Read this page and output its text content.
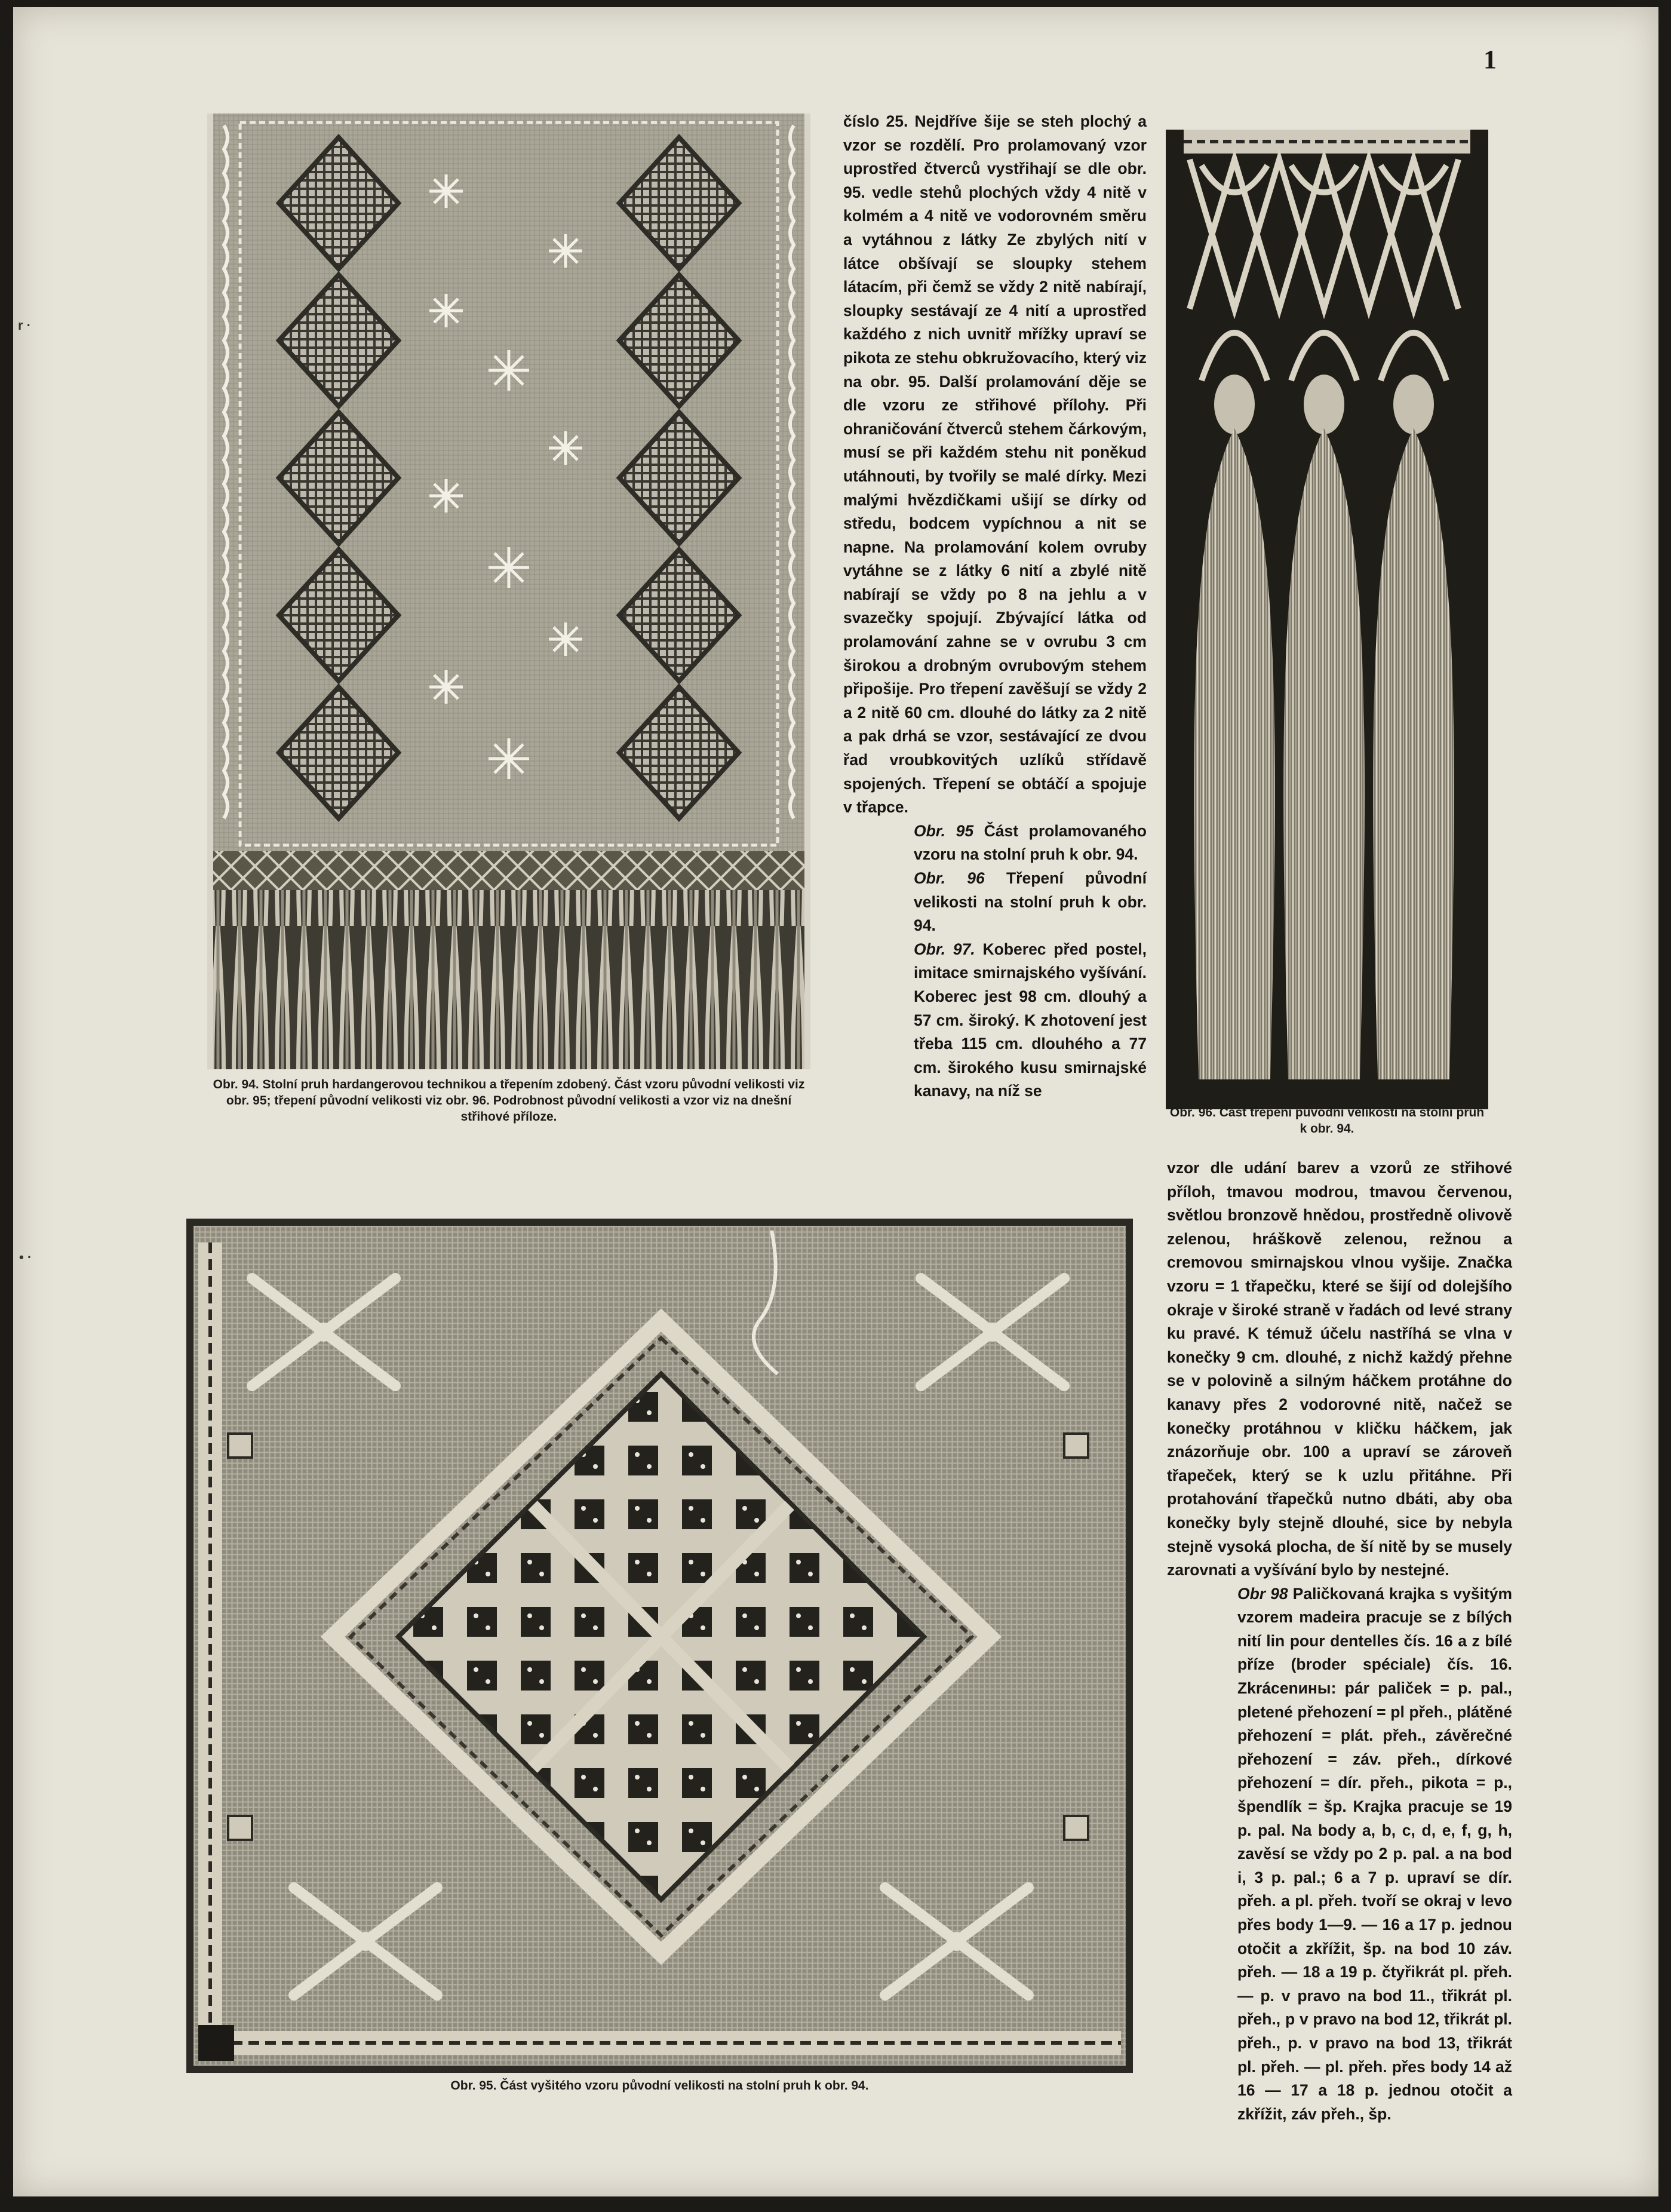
1
r ·
• ·
Obr. 94. Stolní pruh hardangerovou technikou a třepením zdobený. Část vzoru původní velikosti viz obr. 95; třepení původní velikosti viz obr. 96. Podrobnost původní velikosti a vzor viz na dnešní střihové příloze.

číslo 25. Nejdříve šije se steh plochý a vzor se rozdělí. Pro prolamovaný vzor uprostřed čtverců vystřihají se dle obr. 95. vedle stehů plochých vždy 4 nitě v kolmém a 4 nitě ve vodorovném směru a vytáhnou z látky Ze zbylých nití v látce obšívají se sloupky stehem látacím, při čemž se vždy 2 nitě nabírají, sloupky sestávají ze 4 nití a uprostřed každého z nich uvnitř mřížky upraví se pikota ze stehu obkružovacího, který viz na obr. 95. Další prolamování děje se dle vzoru ze střihové přílohy. Při ohraničování čtverců stehem čárkovým, musí se při každém stehu nit poněkud utáhnouti, by tvořily se malé dírky. Mezi malými hvězdičkami ušijí se dírky od středu, bodcem vypíchnou a nit se napne. Na prolamování kolem ovruby vytáhne se z látky 6 nití a zbylé nitě nabírají se vždy po 8 na jehlu a v svazečky spojují. Zbývající látka od prolamování zahne se v ovrubu 3 cm širokou a drobným ovrubovým stehem připošije. Pro třepení zavěšují se vždy 2 a 2 nitě 60 cm. dlouhé do látky za 2 nitě a pak drhá se vzor, sestávající ze dvou řad vroubkovitých uzlíků střídavě spojených. Třepení se obtáčí a spojuje v třapce.

Obr. 95 Část prolamovaného vzoru na stolní pruh k obr. 94.

Obr. 96 Třepení původní velikosti na stolní pruh k obr. 94.

Obr. 97. Koberec před postel, imitace smirnajského vyšívání. Koberec jest 98 cm. dlouhý a 57 cm. široký. K zhotovení jest třeba 115 cm. dlouhého a 77 cm. širokého kusu smirnajské kanavy, na níž se

Obr. 96. Část třepení původní velikosti na stolní pruh k obr. 94.

vzor dle udání barev a vzorů ze střihové příloh, tmavou modrou, tmavou červenou, světlou bronzově hnědou, prostředně olivově zelenou, hráškově zelenou, režnou a cremovou smirnajskou vlnou vyšije. Značka vzoru = 1 třapečku, které se šijí od dolejšího okraje v široké straně v řadách od levé strany ku pravé. K témuž účelu nastříhá se vlna v konečky 9 cm. dlouhé, z nichž každý přehne se v polovině a silným háčkem protáhne do kanavy přes 2 vodorovné nitě, načež se konečky protáhnou v kličku háčkem, jak znázorňuje obr. 100 a upraví se zároveň třapeček, který se k uzlu přitáhne. Při protahování třapečků nutno dbáti, aby oba konečky byly stejně dlouhé, sice by nebyla stejně vysoká plocha, de ší nitě by se musely zarovnati a vyšívání bylo by nestejné.

Obr 98 Paličkovaná krajka s vyšitým vzorem madeira pracuje se z bílých nití lin pour dentelles čís. 16 a z bílé příze (broder spéciale) čís. 16. Zkrácenины: pár paliček = p. pal., pletené přehození = pl přeh., plátěné přehození = plát. přeh., závěrečné přehození = záv. přeh., dírkové přehození = dír. přeh., pikota = p., špendlík = šp. Krajka pracuje se 19 p. pal. Na body a, b, c, d, e, f, g, h, zavěsí se vždy po 2 p. pal. a na bod i, 3 p. pal.; 6 a 7 p. upraví se dír. přeh. a pl. přeh. tvoří se okraj v levo přes body 1—9. — 16 a 17 p. jednou otočit a zkřížit, šp. na bod 10 záv. přeh. — 18 a 19 p. čtyřikrát pl. přeh. — p. v pravo na bod 11., třikrát pl. přeh., p v pravo na bod 12, třikrát pl. přeh., p. v pravo na bod 13, třikrát pl. přeh. — pl. přeh. přes body 14 až 16 — 17 a 18 p. jednou otočit a zkřížit, záv přeh., šp.

Obr. 95. Část vyšitého vzoru původní velikosti na stolní pruh k obr. 94.
